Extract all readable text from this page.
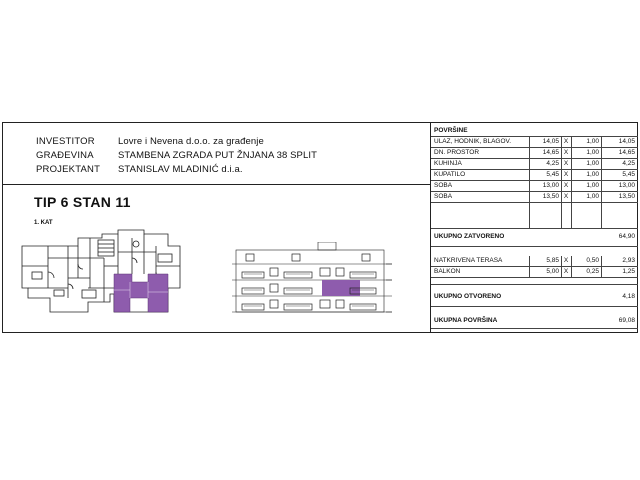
INVESTITOR Lovre i Nevena d.o.o. za građenje
GRAĐEVINA	STAMBENA ZGRADA PUT ŽNJANA 38 SPLIT
PROJEKTANT STANISLAV MLADINIĆ d.i.a.
TIP 6 STAN 11
1. KAT
POVRŠINE
ULAZ, HODNIK, BLAGOV.	14,05 X	1,00	14,05
DN. PROSTOR	14,65 X	1,00	14,65
KUHINJA	4,25 X	1,00	4,25
KUPATILO	5,45 X	1,00	5,45
SOBA	13,00 X	1,00	13,00
SOBA	13,50 X	1,00	13,50
UKUPNO ZATVORENO	64,90
NATKRIVENA TERASA	5,85 X	0,50	2,93
BALKON	5,00 X	0,25	1,25
UKUPNO OTVORENO	4,18
UKUPNA POVRŠINA	69,08
